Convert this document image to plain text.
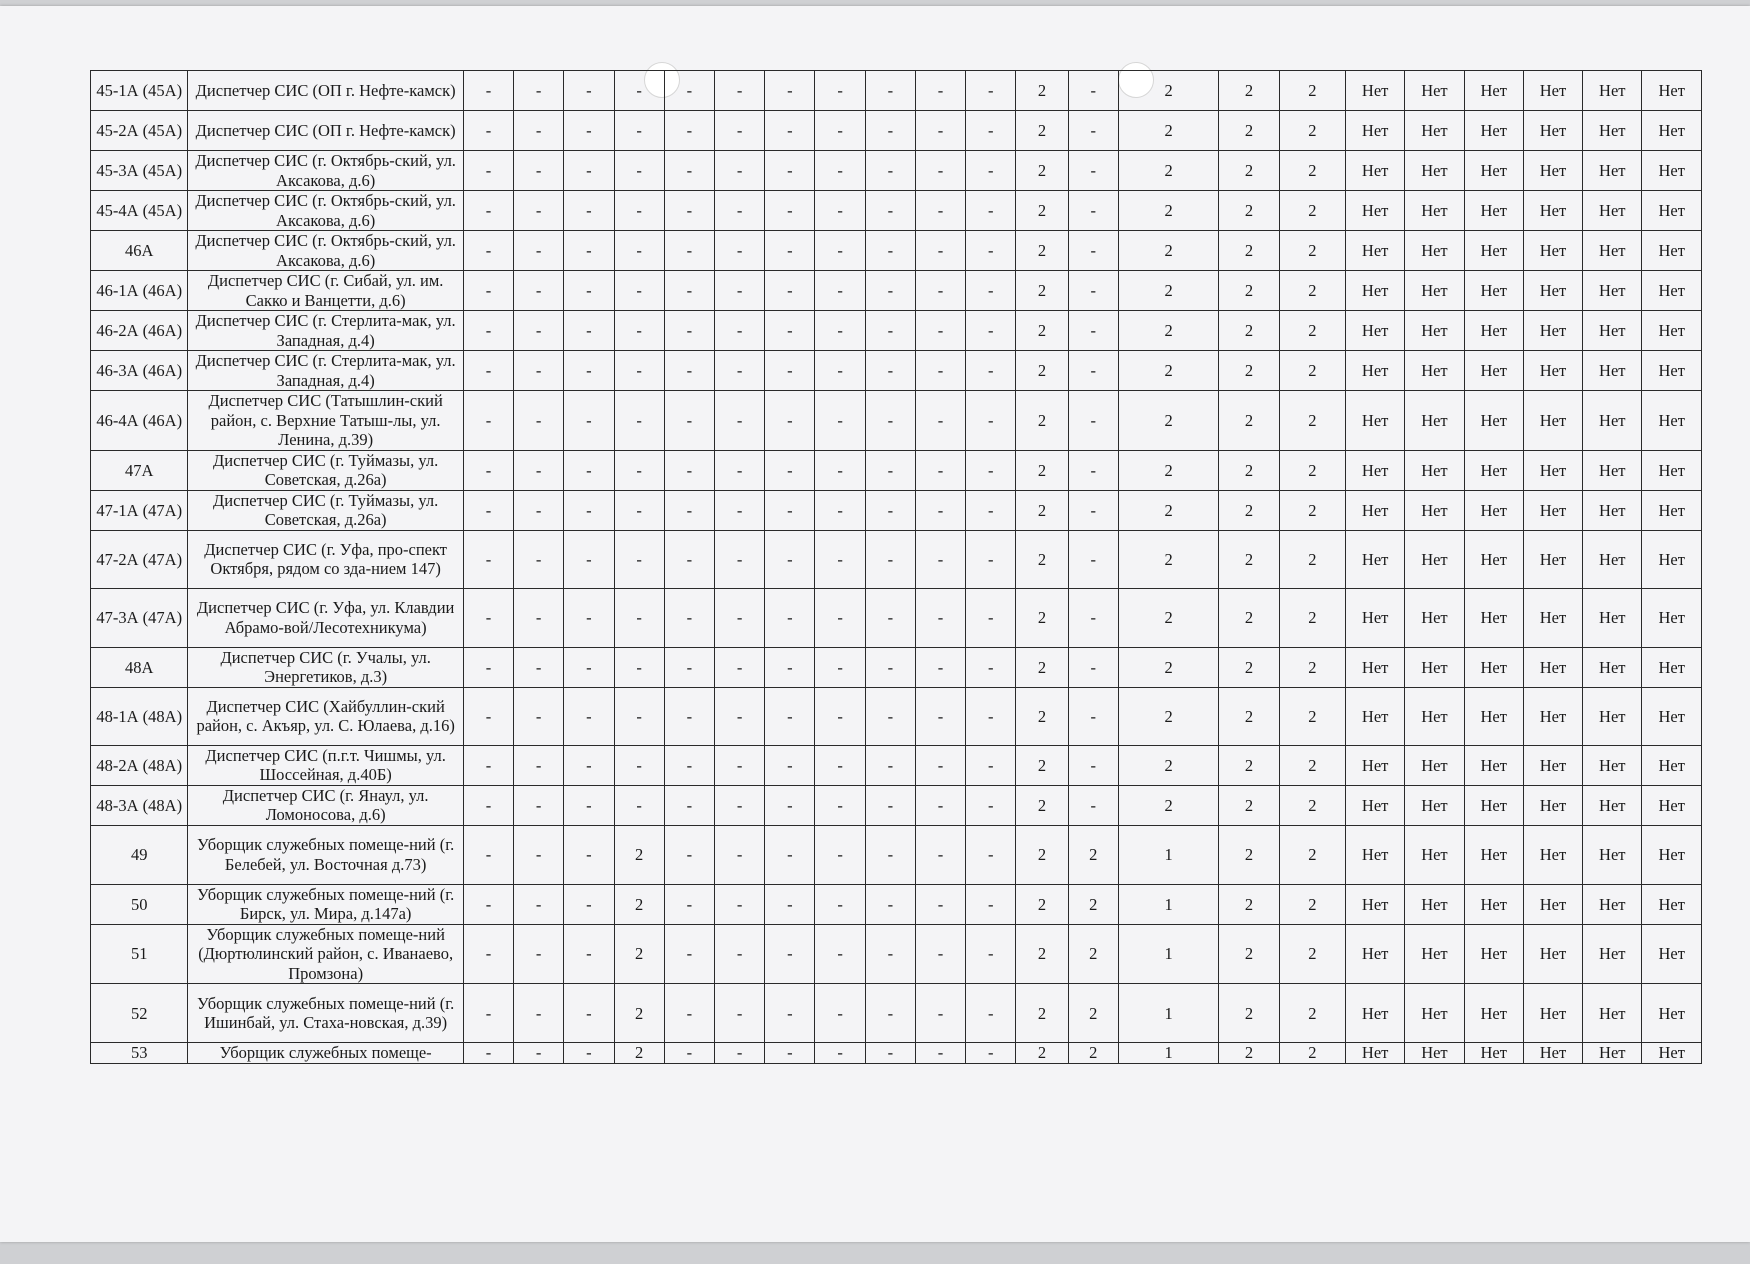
45-1А (45А)	Диспетчер СИС (ОП г. Нефте-камск)	-	-	-	-	-	-	-	-	-	-	-	2	-	2	2	2	Нет	Нет	Нет	Нет	Нет	Нет
45-2А (45А)	Диспетчер СИС (ОП г. Нефте-камск)	-	-	-	-	-	-	-	-	-	-	-	2	-	2	2	2	Нет	Нет	Нет	Нет	Нет	Нет
45-3А (45А)	Диспетчер СИС (г. Октябрь-ский, ул. Аксакова, д.6)	-	-	-	-	-	-	-	-	-	-	-	2	-	2	2	2	Нет	Нет	Нет	Нет	Нет	Нет
45-4А (45А)	Диспетчер СИС (г. Октябрь-ский, ул. Аксакова, д.6)	-	-	-	-	-	-	-	-	-	-	-	2	-	2	2	2	Нет	Нет	Нет	Нет	Нет	Нет
46А	Диспетчер СИС (г. Октябрь-ский, ул. Аксакова, д.6)	-	-	-	-	-	-	-	-	-	-	-	2	-	2	2	2	Нет	Нет	Нет	Нет	Нет	Нет
46-1А (46А)	Диспетчер СИС (г. Сибай, ул. им. Сакко и Ванцетти, д.6)	-	-	-	-	-	-	-	-	-	-	-	2	-	2	2	2	Нет	Нет	Нет	Нет	Нет	Нет
46-2А (46А)	Диспетчер СИС (г. Стерлита-мак, ул. Западная, д.4)	-	-	-	-	-	-	-	-	-	-	-	2	-	2	2	2	Нет	Нет	Нет	Нет	Нет	Нет
46-3А (46А)	Диспетчер СИС (г. Стерлита-мак, ул. Западная, д.4)	-	-	-	-	-	-	-	-	-	-	-	2	-	2	2	2	Нет	Нет	Нет	Нет	Нет	Нет
46-4А (46А)	Диспетчер СИС (Татышлин-ский район, с. Верхние Татыш-лы, ул. Ленина, д.39)	-	-	-	-	-	-	-	-	-	-	-	2	-	2	2	2	Нет	Нет	Нет	Нет	Нет	Нет
47А	Диспетчер СИС (г. Туймазы, ул. Советская, д.26а)	-	-	-	-	-	-	-	-	-	-	-	2	-	2	2	2	Нет	Нет	Нет	Нет	Нет	Нет
47-1А (47А)	Диспетчер СИС (г. Туймазы, ул. Советская, д.26а)	-	-	-	-	-	-	-	-	-	-	-	2	-	2	2	2	Нет	Нет	Нет	Нет	Нет	Нет
47-2А (47А)	Диспетчер СИС (г. Уфа, про-спект Октября, рядом со зда-нием 147)	-	-	-	-	-	-	-	-	-	-	-	2	-	2	2	2	Нет	Нет	Нет	Нет	Нет	Нет
47-3А (47А)	Диспетчер СИС (г. Уфа, ул. Клавдии Абрамо-вой/Лесотехникума)	-	-	-	-	-	-	-	-	-	-	-	2	-	2	2	2	Нет	Нет	Нет	Нет	Нет	Нет
48А	Диспетчер СИС (г. Учалы, ул. Энергетиков, д.3)	-	-	-	-	-	-	-	-	-	-	-	2	-	2	2	2	Нет	Нет	Нет	Нет	Нет	Нет
48-1А (48А)	Диспетчер СИС (Хайбуллин-ский район, с. Акъяр, ул. С. Юлаева, д.16)	-	-	-	-	-	-	-	-	-	-	-	2	-	2	2	2	Нет	Нет	Нет	Нет	Нет	Нет
48-2А (48А)	Диспетчер СИС (п.г.т. Чишмы, ул. Шоссейная, д.40Б)	-	-	-	-	-	-	-	-	-	-	-	2	-	2	2	2	Нет	Нет	Нет	Нет	Нет	Нет
48-3А (48А)	Диспетчер СИС (г. Янаул, ул. Ломоносова, д.6)	-	-	-	-	-	-	-	-	-	-	-	2	-	2	2	2	Нет	Нет	Нет	Нет	Нет	Нет
49	Уборщик служебных помеще-ний (г. Белебей, ул. Восточная д.73)	-	-	-	2	-	-	-	-	-	-	-	2	2	1	2	2	Нет	Нет	Нет	Нет	Нет	Нет
50	Уборщик служебных помеще-ний (г. Бирск, ул. Мира, д.147а)	-	-	-	2	-	-	-	-	-	-	-	2	2	1	2	2	Нет	Нет	Нет	Нет	Нет	Нет
51	Уборщик служебных помеще-ний (Дюртюлинский район, с. Иванаево, Промзона)	-	-	-	2	-	-	-	-	-	-	-	2	2	1	2	2	Нет	Нет	Нет	Нет	Нет	Нет
52	Уборщик служебных помеще-ний (г. Ишинбай, ул. Стаха-новская, д.39)	-	-	-	2	-	-	-	-	-	-	-	2	2	1	2	2	Нет	Нет	Нет	Нет	Нет	Нет
53	Уборщик служебных помеще-	-	-	-	2	-	-	-	-	-	-	-	2	2	1	2	2	Нет	Нет	Нет	Нет	Нет	Нет
